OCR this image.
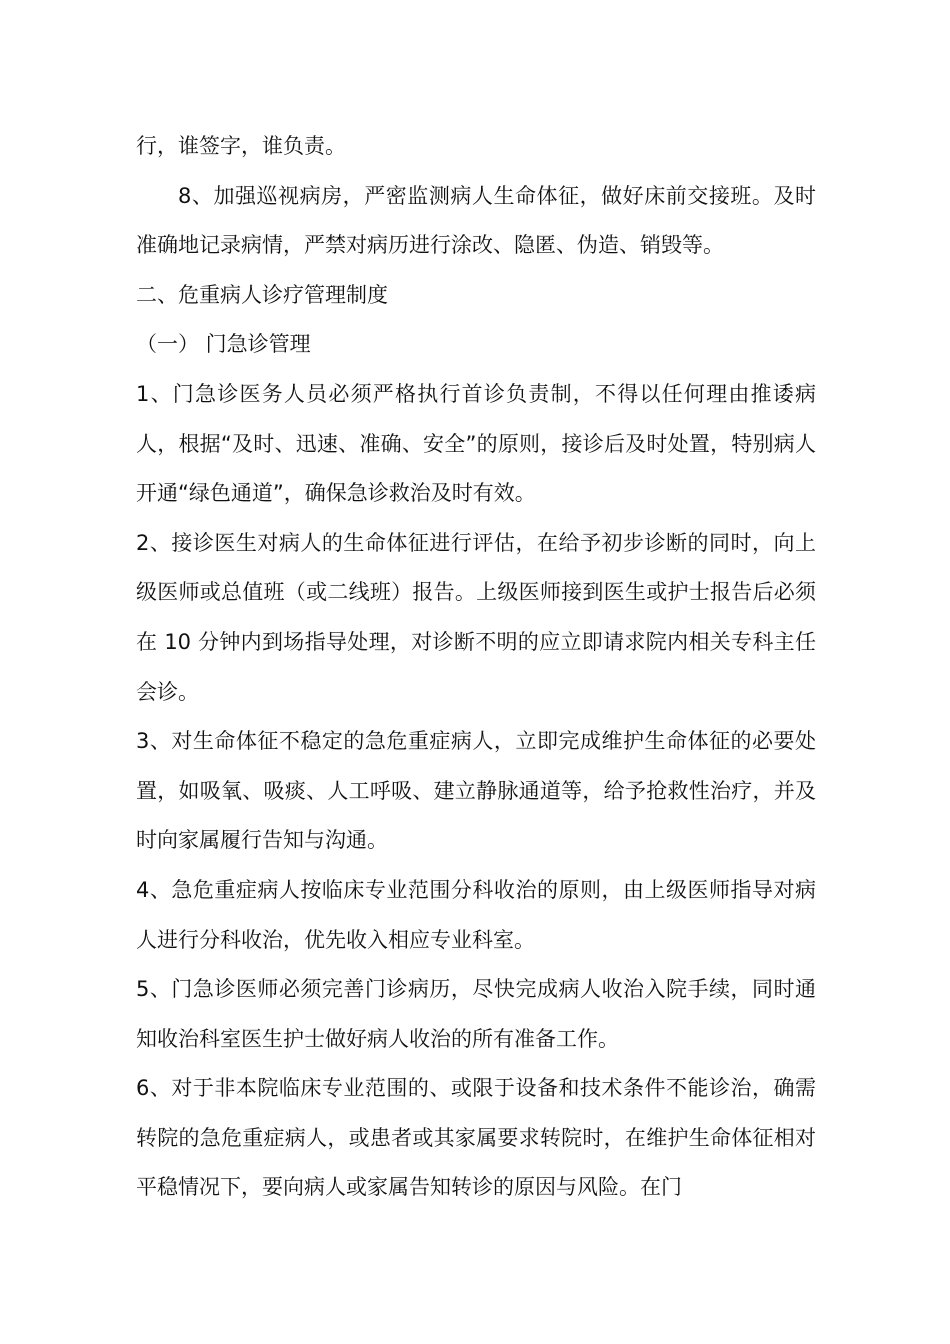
行，谁签字，谁负责。

8、加强巡视病房，严密监测病人生命体征，做好床前交接班。及时准确地记录病情，严禁对病历进行涂改、隐匿、伪造、销毁等。

二、危重病人诊疗管理制度

（一） 门急诊管理

1、门急诊医务人员必须严格执行首诊负责制，不得以任何理由推诿病人，根据“及时、迅速、准确、安全”的原则，接诊后及时处置，特别病人开通“绿色通道”，确保急诊救治及时有效。

2、接诊医生对病人的生命体征进行评估，在给予初步诊断的同时，向上级医师或总值班（或二线班）报告。上级医师接到医生或护士报告后必须在 10 分钟内到场指导处理，对诊断不明的应立即请求院内相关专科主任会诊。

3、对生命体征不稳定的急危重症病人，立即完成维护生命体征的必要处置，如吸氧、吸痰、人工呼吸、建立静脉通道等，给予抢救性治疗，并及时向家属履行告知与沟通。

4、急危重症病人按临床专业范围分科收治的原则，由上级医师指导对病人进行分科收治，优先收入相应专业科室。

5、门急诊医师必须完善门诊病历，尽快完成病人收治入院手续，同时通知收治科室医生护士做好病人收治的所有准备工作。

6、对于非本院临床专业范围的、或限于设备和技术条件不能诊治，确需转院的急危重症病人，或患者或其家属要求转院时，在维护生命体征相对平稳情况下，要向病人或家属告知转诊的原因与风险。在门
